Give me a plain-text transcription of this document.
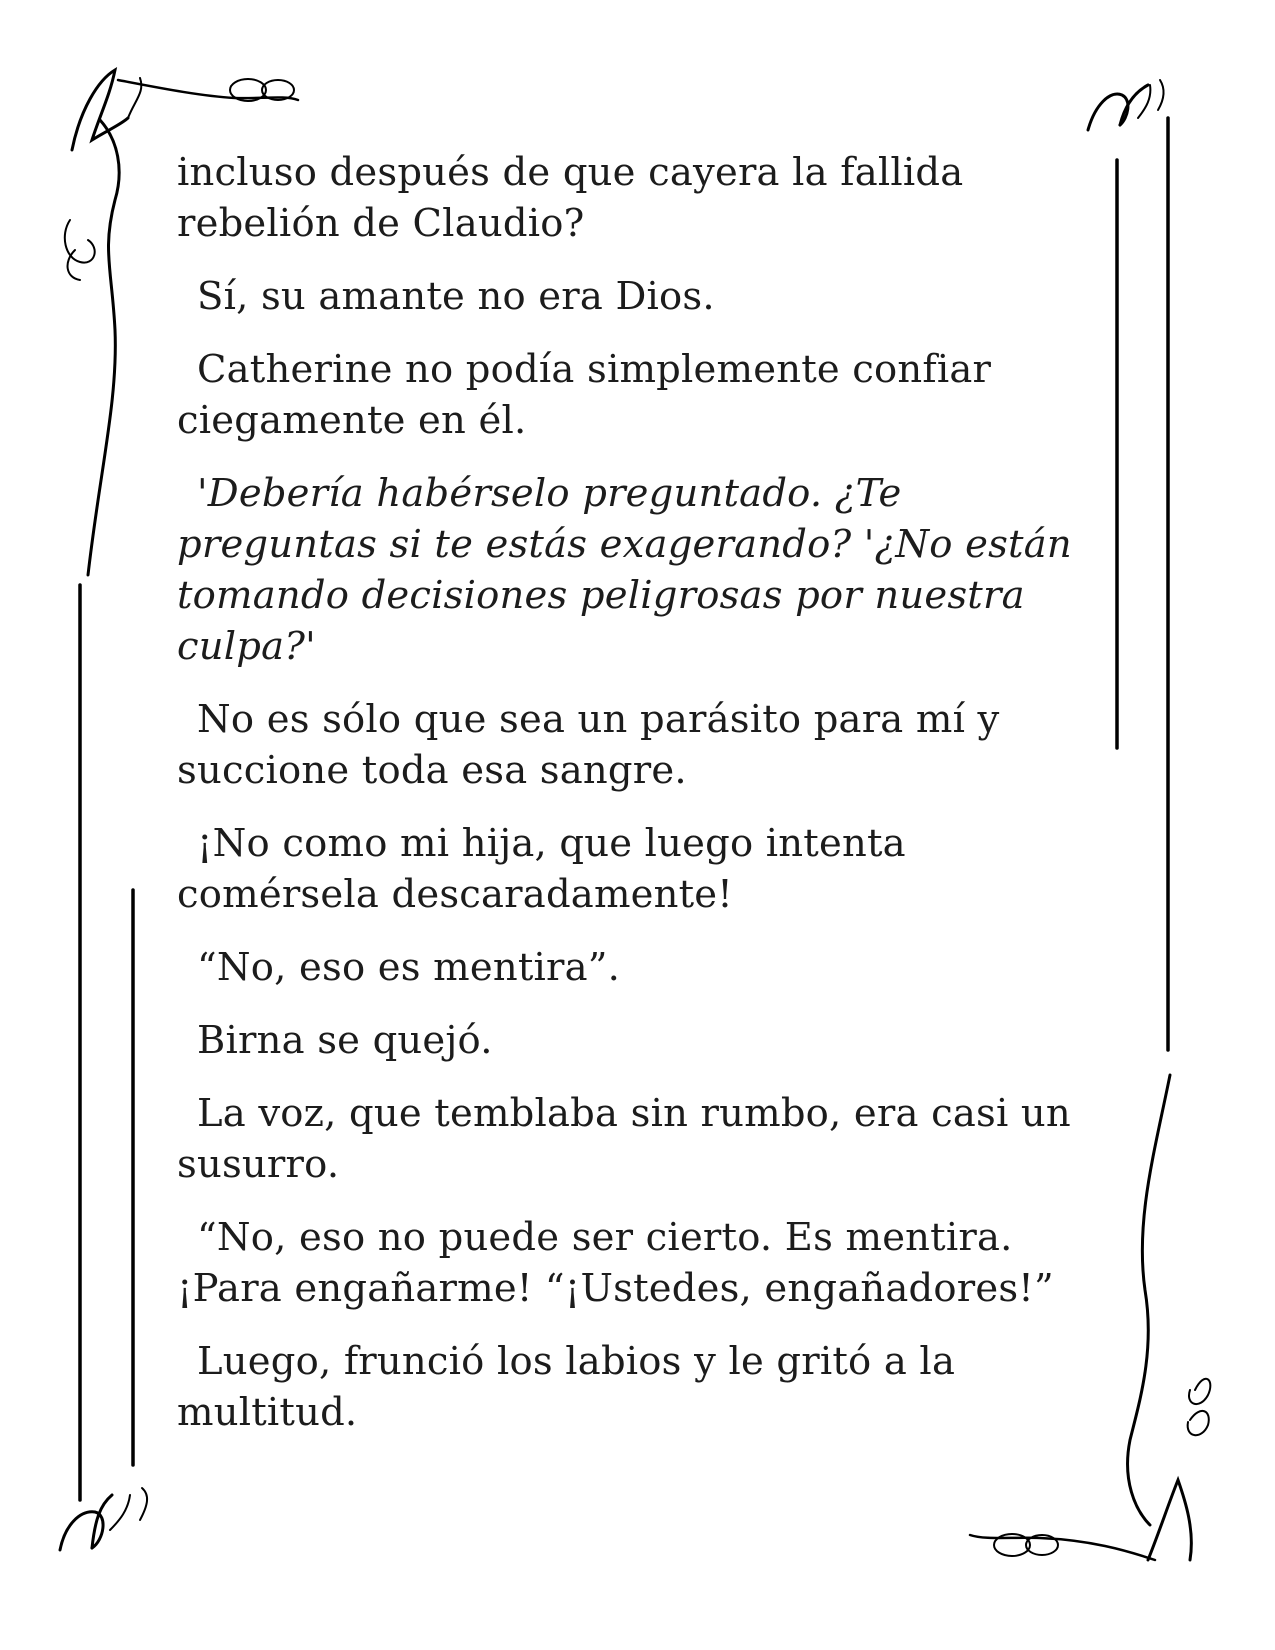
incluso después de que cayera la fallida rebelión de Claudio?

Sí, su amante no era Dios.

Catherine no podía simplemente confiar ciegamente en él.

'Debería habérselo preguntado. ¿Te preguntas si te estás exagerando? '¿No están tomando decisiones peligrosas por nuestra culpa?'

No es sólo que sea un parásito para mí y succione toda esa sangre.

¡No como mi hija, que luego intenta comérsela descaradamente!

“No, eso es mentira”.

Birna se quejó.

La voz, que temblaba sin rumbo, era casi un susurro.

“No, eso no puede ser cierto. Es mentira. ¡Para engañarme! “¡Ustedes, engañadores!”

Luego, frunció los labios y le gritó a la multitud.
